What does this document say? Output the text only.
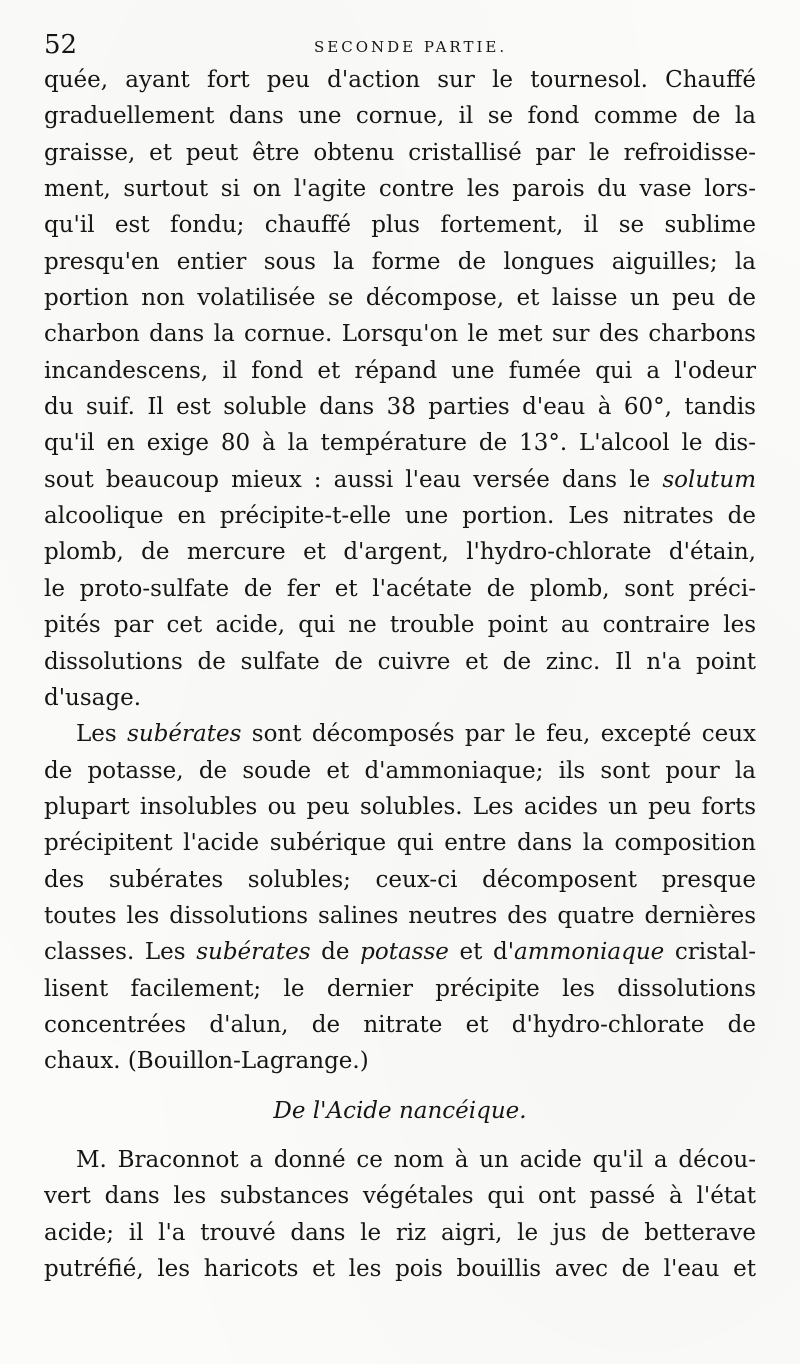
52	SECONDE PARTIE.
quée, ayant fort peu d'action sur le tournesol. Chauffé
graduellement dans une cornue, il se fond comme de la
graisse, et peut être obtenu cristallisé par le refroidisse-
ment, surtout si on l'agite contre les parois du vase lors-
qu'il est fondu; chauffé plus fortement, il se sublime
presqu'en entier sous la forme de longues aiguilles; la
portion non volatilisée se décompose, et laisse un peu de
charbon dans la cornue. Lorsqu'on le met sur des charbons
incandescens, il fond et répand une fumée qui a l'odeur
du suif. Il est soluble dans 38 parties d'eau à 60°, tandis
qu'il en exige 80 à la température de 13°. L'alcool le dis-
sout beaucoup mieux : aussi l'eau versée dans le solutum
alcoolique en précipite-t-elle une portion. Les nitrates de
plomb, de mercure et d'argent, l'hydro-chlorate d'étain,
le proto-sulfate de fer et l'acétate de plomb, sont préci-
pités par cet acide, qui ne trouble point au contraire les
dissolutions de sulfate de cuivre et de zinc. Il n'a point
d'usage.
Les subérates sont décomposés par le feu, excepté ceux
de potasse, de soude et d'ammoniaque; ils sont pour la
plupart insolubles ou peu solubles. Les acides un peu forts
précipitent l'acide subérique qui entre dans la composition
des subérates solubles; ceux-ci décomposent presque
toutes les dissolutions salines neutres des quatre dernières
classes. Les subérates de potasse et d'ammoniaque cristal-
lisent facilement; le dernier précipite les dissolutions
concentrées d'alun, de nitrate et d'hydro-chlorate de
chaux. (Bouillon-Lagrange.)
De l'Acide nancéique.
M. Braconnot a donné ce nom à un acide qu'il a décou-
vert dans les substances végétales qui ont passé à l'état
acide; il l'a trouvé dans le riz aigri, le jus de betterave
putréfié, les haricots et les pois bouillis avec de l'eau et
